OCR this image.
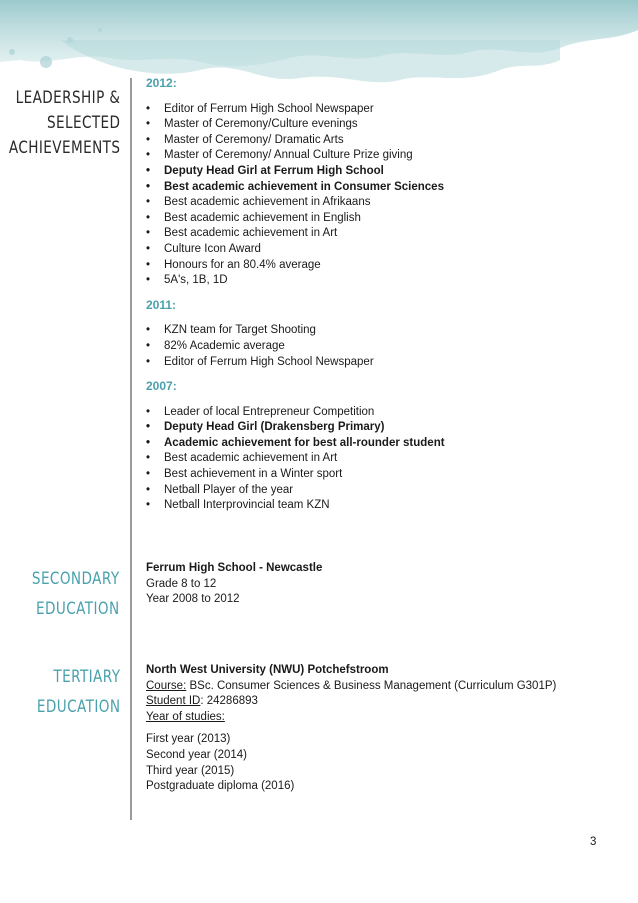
LEADERSHIP &
SELECTED
ACHIEVEMENTS
SECONDARY
EDUCATION
TERTIARY
EDUCATION

2012:

• Editor of Ferrum High School Newspaper
• Master of Ceremony/Culture evenings
• Master of Ceremony/ Dramatic Arts
• Master of Ceremony/ Annual Culture Prize giving
• Deputy Head Girl at Ferrum High School
• Best academic achievement in Consumer Sciences
• Best academic achievement in Afrikaans
• Best academic achievement in English
• Best academic achievement in Art
• Culture Icon Award
• Honours for an 80.4% average
• 5A's, 1B, 1D

2011:

• KZN team for Target Shooting
• 82% Academic average
• Editor of Ferrum High School Newspaper

2007:

• Leader of local Entrepreneur Competition
• Deputy Head Girl (Drakensberg Primary)
• Academic achievement for best all-rounder student
• Best academic achievement in Art
• Best achievement in a Winter sport
• Netball Player of the year
• Netball Interprovincial team KZN
Ferrum High School - Newcastle
Grade 8 to 12
Year 2008 to 2012
North West University (NWU) Potchefstroom
Course: BSc. Consumer Sciences & Business Management (Curriculum G301P)
Student ID: 24286893
Year of studies:
First year (2013)
Second year (2014)
Third year (2015)
Postgraduate diploma (2016)
3
